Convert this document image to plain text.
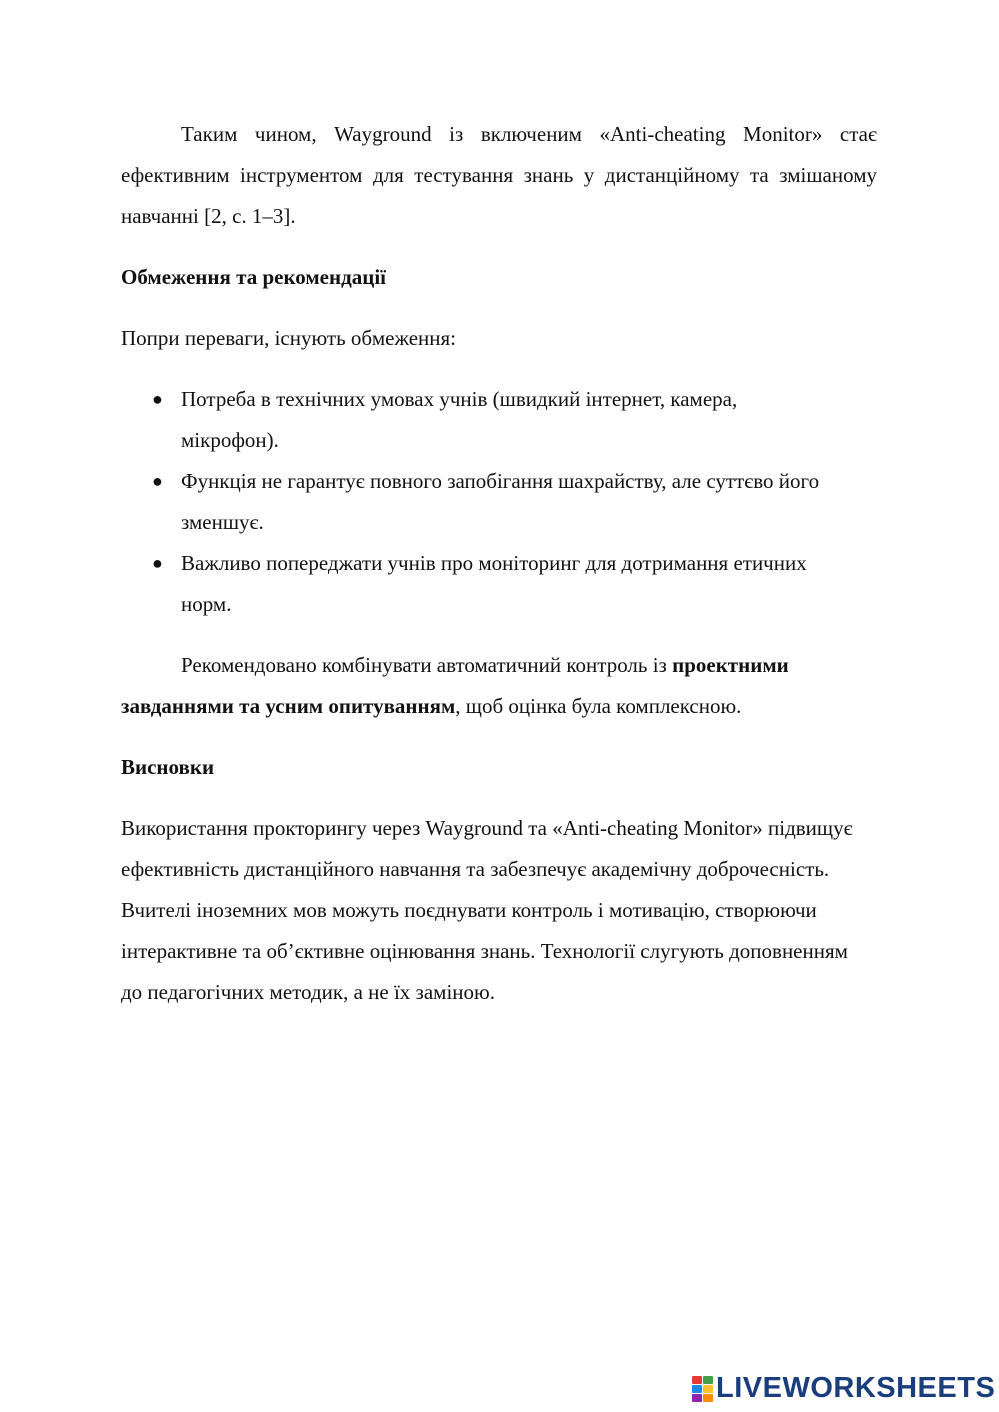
Таким чином, Wayground із включеним «Anti-cheating Monitor» стає ефективним інструментом для тестування знань у дистанційному та змішаному навчанні [2, с. 1–3].

Обмеження та рекомендації

Попри переваги, існують обмеження:

● Потреба в технічних умовах учнів (швидкий інтернет, камера, мікрофон).
● Функція не гарантує повного запобігання шахрайству, але суттєво його зменшує.
● Важливо попереджати учнів про моніторинг для дотримання етичних норм.

Рекомендовано комбінувати автоматичний контроль із проектними завданнями та усним опитуванням, щоб оцінка була комплексною.

Висновки

Використання прокторингу через Wayground та «Anti-cheating Monitor» підвищує ефективність дистанційного навчання та забезпечує академічну доброчесність. Вчителі іноземних мов можуть поєднувати контроль і мотивацію, створюючи інтерактивне та об’єктивне оцінювання знань. Технології слугують доповненням до педагогічних методик, а не їх заміною.

LIVEWORKSHEETS
